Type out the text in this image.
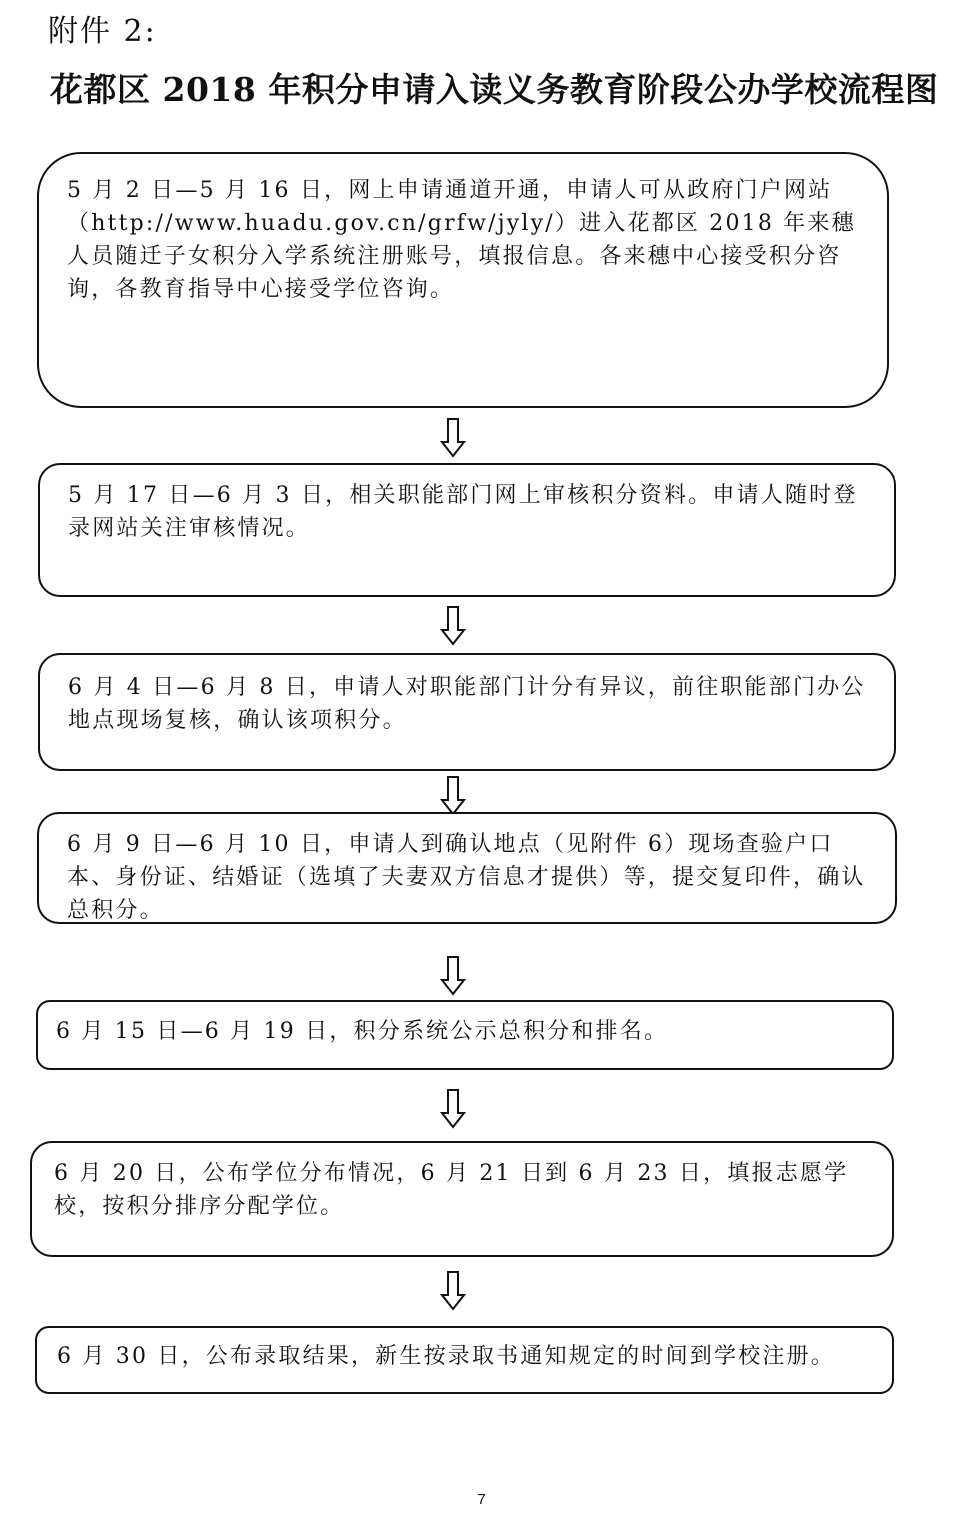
附件 2:
花都区 2018 年积分申请入读义务教育阶段公办学校流程图

5 月 2 日—5 月 16 日，网上申请通道开通，申请人可从政府门户网站（http://www.huadu.gov.cn/grfw/jyly/）进入花都区 2018 年来穗人员随迁子女积分入学系统注册账号，填报信息。各来穗中心接受积分咨询，各教育指导中心接受学位咨询。

5 月 17 日—6 月 3 日，相关职能部门网上审核积分资料。申请人随时登录网站关注审核情况。

6 月 4 日—6 月 8 日，申请人对职能部门计分有异议，前往职能部门办公地点现场复核，确认该项积分。

6 月 9 日—6 月 10 日，申请人到确认地点（见附件 6）现场查验户口本、身份证、结婚证（选填了夫妻双方信息才提供）等，提交复印件，确认总积分。

6 月 15 日—6 月 19 日，积分系统公示总积分和排名。

6 月 20 日，公布学位分布情况，6 月 21 日到 6 月 23 日，填报志愿学校，按积分排序分配学位。

6 月 30 日，公布录取结果，新生按录取书通知规定的时间到学校注册。

7
